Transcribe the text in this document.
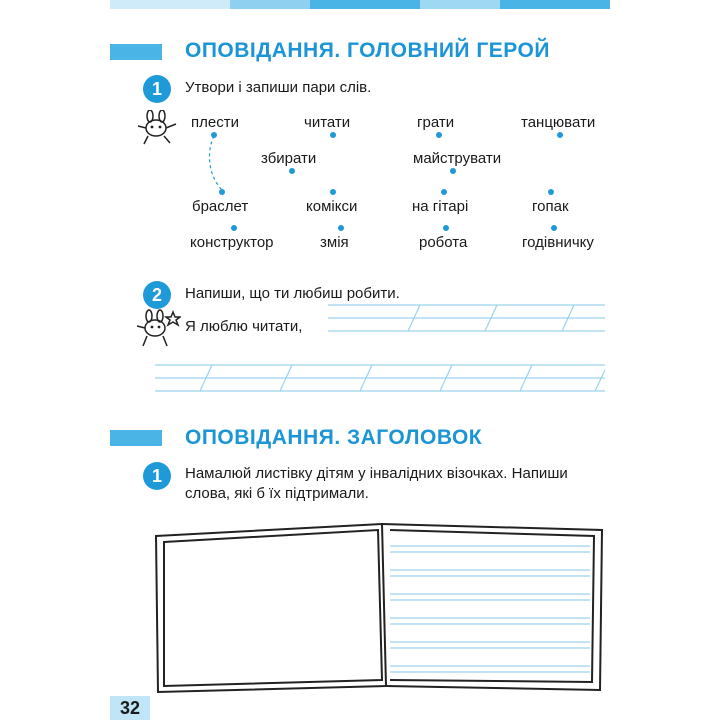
ОПОВІДАННЯ. ГОЛОВНИЙ ГЕРОЙ
1	Утвори і запиши пари слів.
плести	читати	грати	танцювати
збирати	майструвати
браслет	комікси	на гітарі	гопак
конструктор	змія	робота	годівничку
2	Напиши, що ти любиш робити.
Я люблю читати,
ОПОВІДАННЯ. ЗАГОЛОВОК
1	Намалюй листівку дітям у інвалідних візочках. Напиши
слова, які б їх підтримали.
32
